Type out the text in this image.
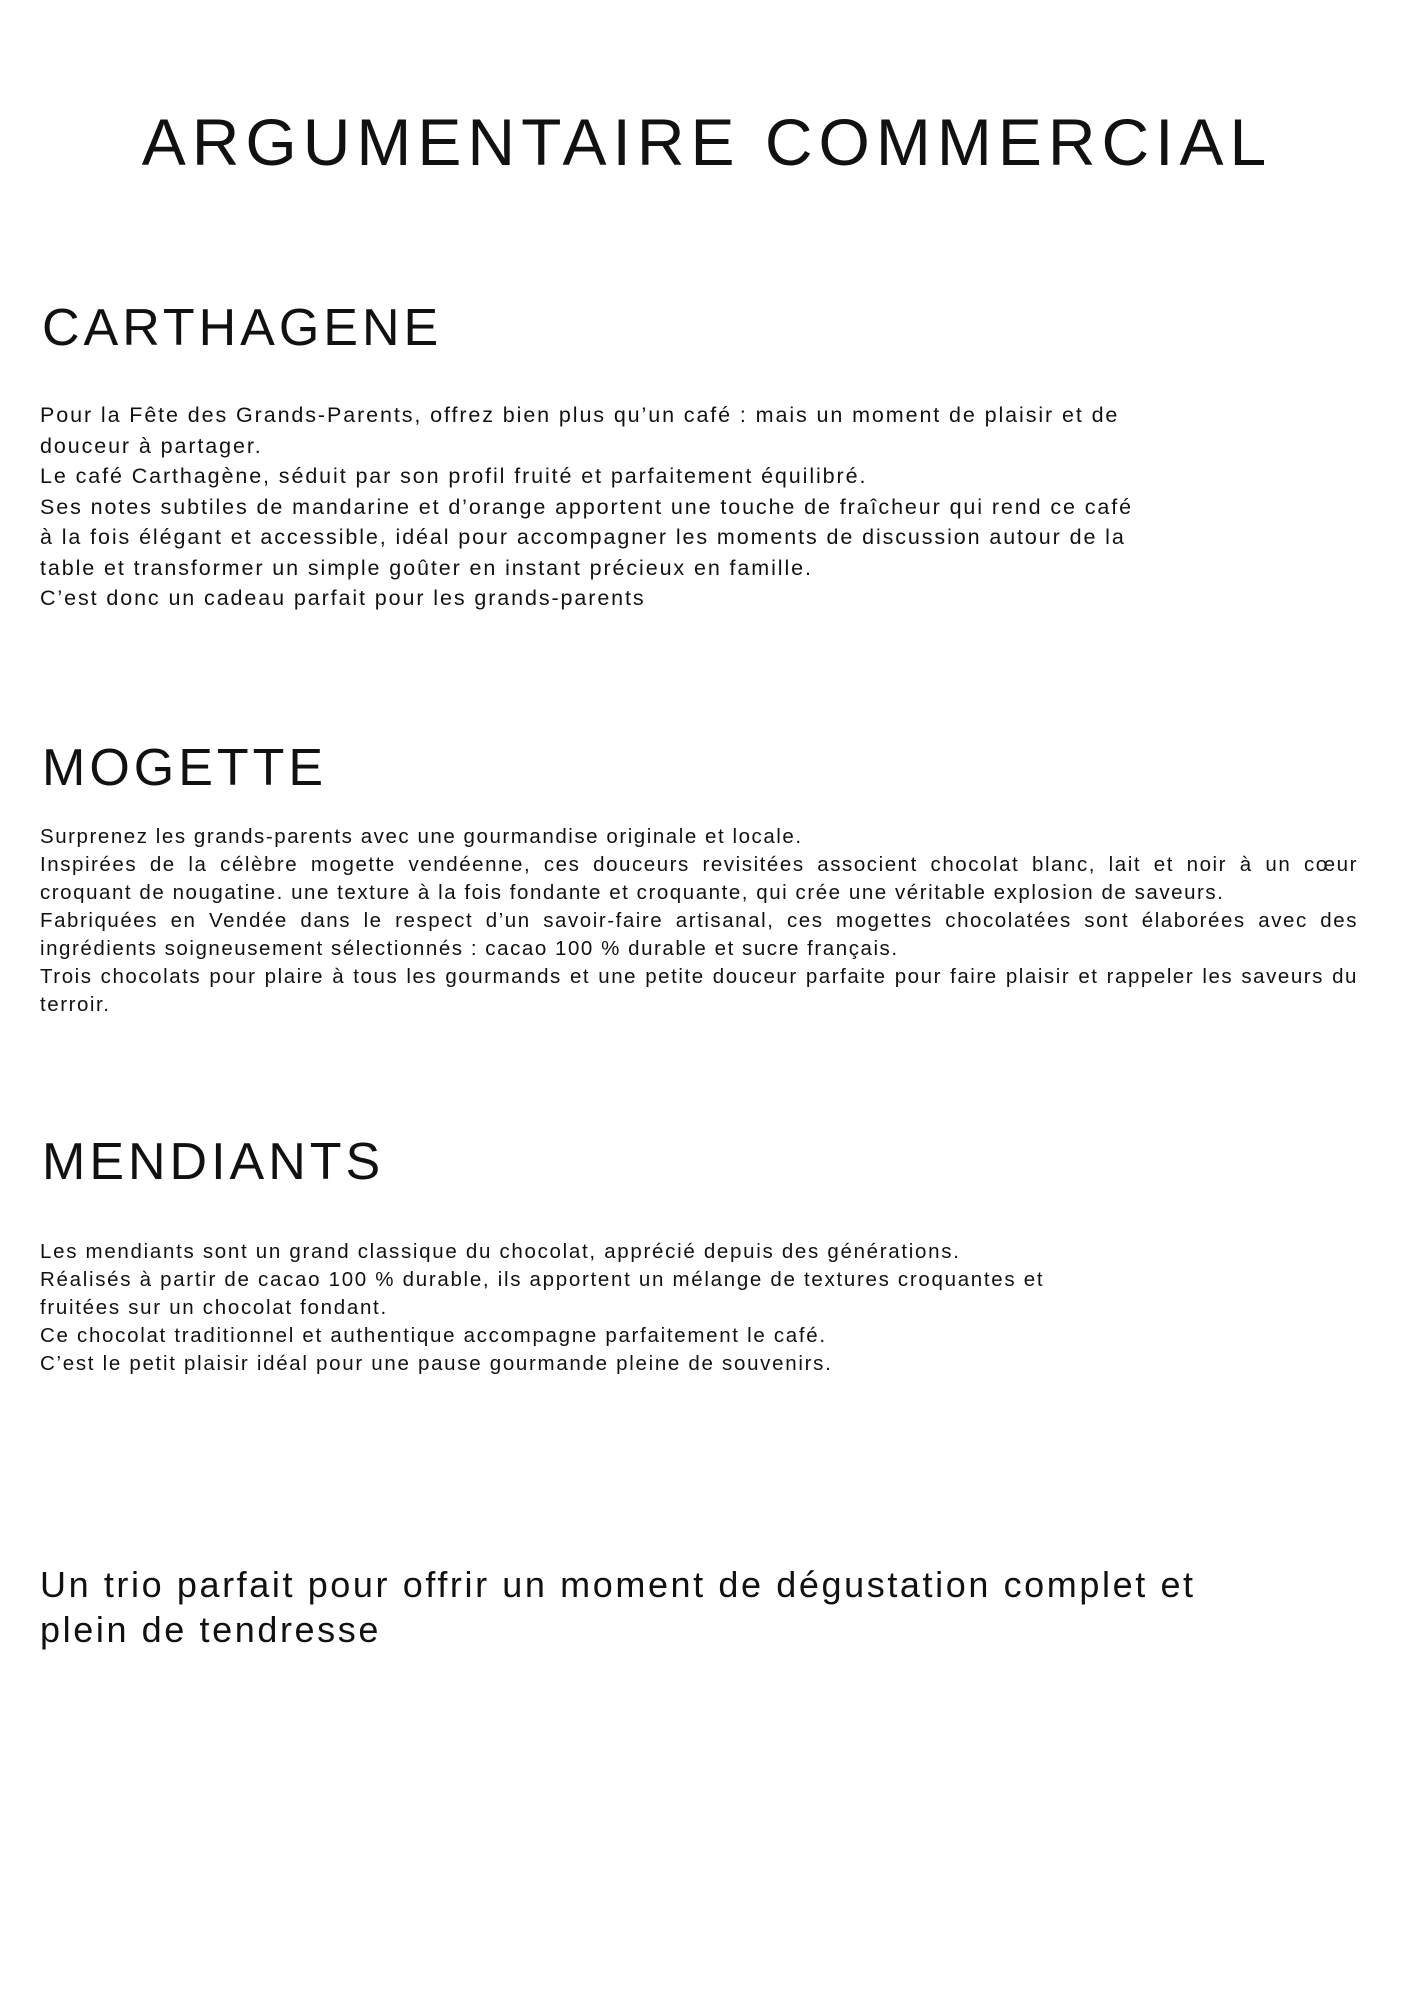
ARGUMENTAIRE COMMERCIAL
CARTHAGENE

Pour la Fête des Grands-Parents, offrez bien plus qu’un café : mais un moment de plaisir et de

douceur à partager.

Le café Carthagène, séduit par son profil fruité et parfaitement équilibré.

Ses notes subtiles de mandarine et d’orange apportent une touche de fraîcheur qui rend ce café

à la fois élégant et accessible, idéal pour accompagner les moments de discussion autour de la

table et transformer un simple goûter en instant précieux en famille.

C’est donc un cadeau parfait pour les grands-parents

MOGETTE

Surprenez les grands-parents avec une gourmandise originale et locale.

Inspirées de la célèbre mogette vendéenne, ces douceurs revisitées associent chocolat blanc, lait et noir à un cœur croquant de nougatine. une texture à la fois fondante et croquante, qui crée une véritable explosion de saveurs.

Fabriquées en Vendée dans le respect d’un savoir-faire artisanal, ces mogettes chocolatées sont élaborées avec des ingrédients soigneusement sélectionnés : cacao 100 % durable et sucre français.

Trois chocolats pour plaire à tous les gourmands et une petite douceur parfaite pour faire plaisir et rappeler les saveurs du terroir.

MENDIANTS

Les mendiants sont un grand classique du chocolat, apprécié depuis des générations.

Réalisés à partir de cacao 100 % durable, ils apportent un mélange de textures croquantes et

fruitées sur un chocolat fondant.

Ce chocolat traditionnel et authentique accompagne parfaitement le café.

C’est le petit plaisir idéal pour une pause gourmande pleine de souvenirs.

Un trio parfait pour offrir un moment de dégustation complet et

plein de tendresse
